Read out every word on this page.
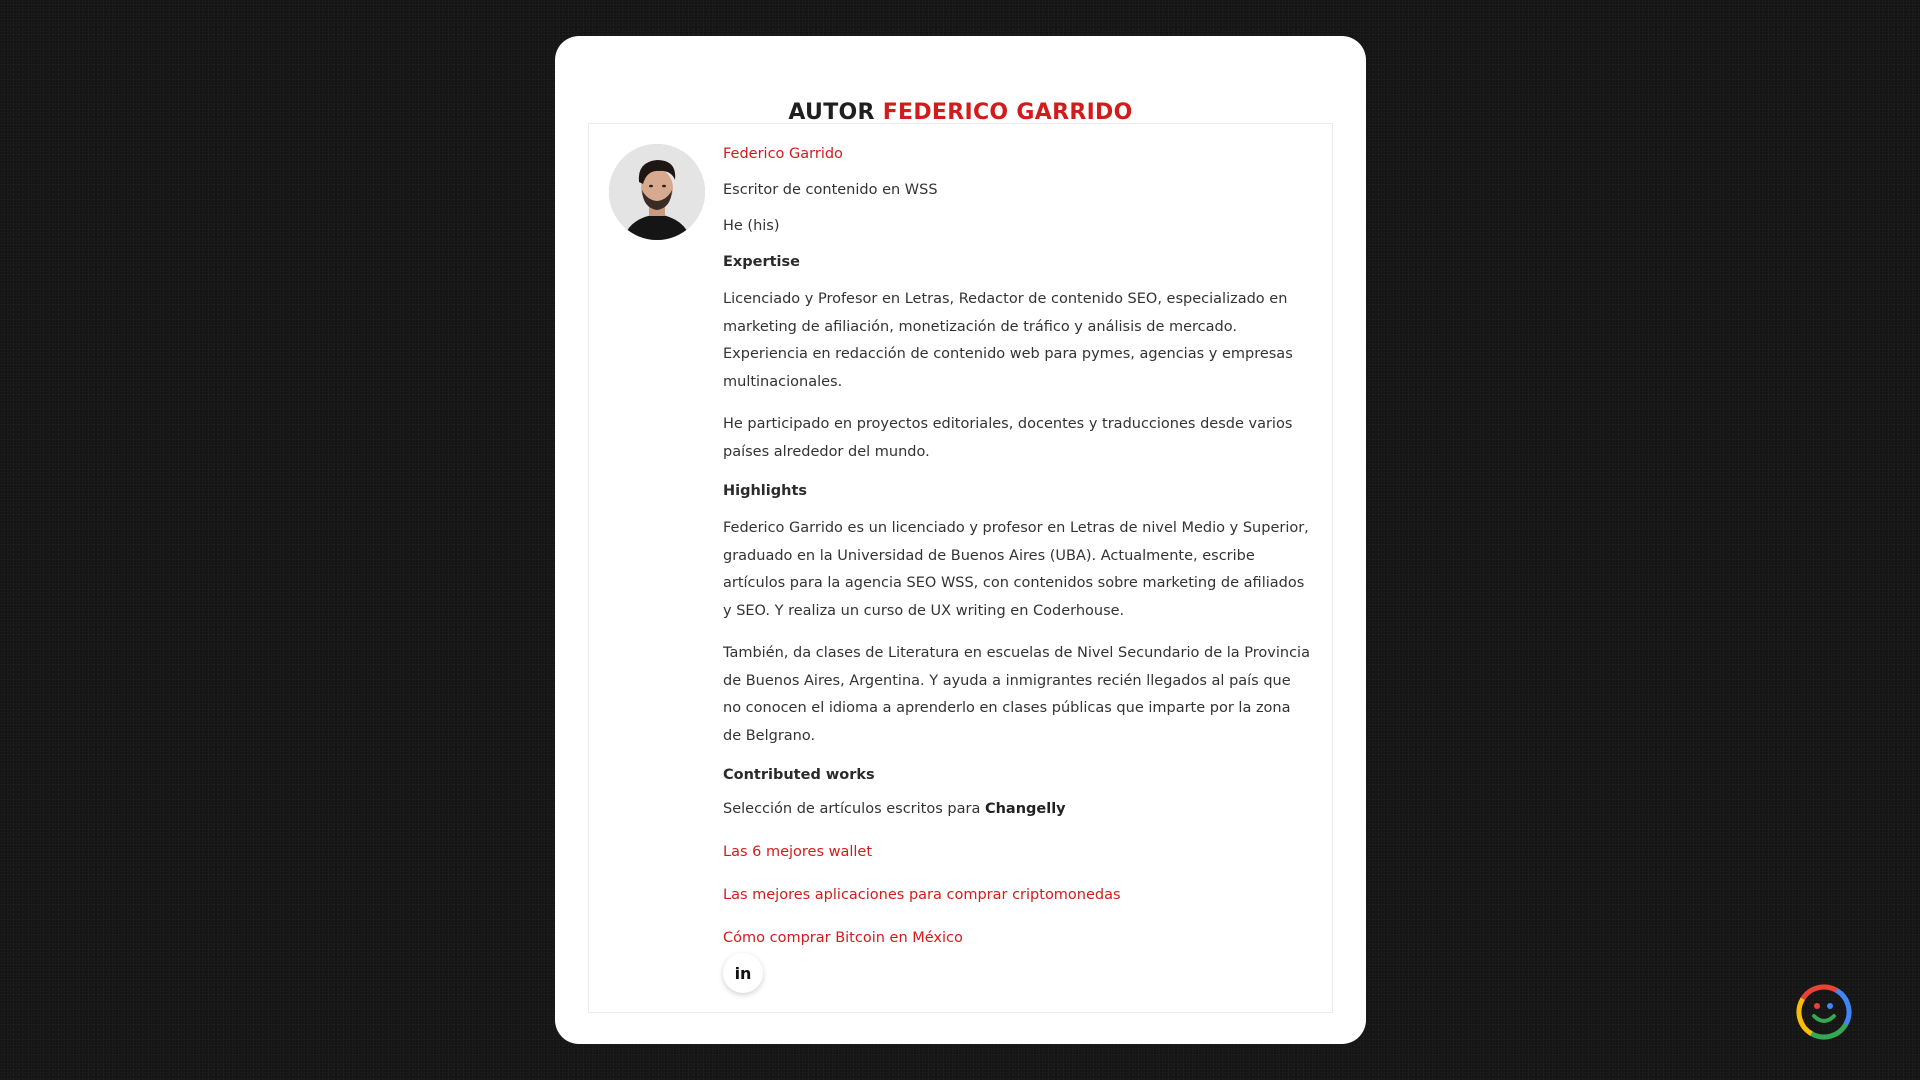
AUTOR FEDERICO GARRIDO
Federico Garrido

Escritor de contenido en WSS

He (his)

Expertise

Licenciado y Profesor en Letras, Redactor de contenido SEO, especializado en marketing de afiliación, monetización de tráfico y análisis de mercado. Experiencia en redacción de contenido web para pymes, agencias y empresas multinacionales.

He participado en proyectos editoriales, docentes y traducciones desde varios países alrededor del mundo.

Highlights

Federico Garrido es un licenciado y profesor en Letras de nivel Medio y Superior, graduado en la Universidad de Buenos Aires (UBA). Actualmente, escribe artículos para la agencia SEO WSS, con contenidos sobre marketing de afiliados y SEO. Y realiza un curso de UX writing en Coderhouse.

También, da clases de Literatura en escuelas de Nivel Secundario de la Provincia de Buenos Aires, Argentina. Y ayuda a inmigrantes recién llegados al país que no conocen el idioma a aprenderlo en clases públicas que imparte por la zona de Belgrano.

Contributed works

Selección de artículos escritos para Changelly

Las 6 mejores wallet
Las mejores aplicaciones para comprar criptomonedas
Cómo comprar Bitcoin en México
in
